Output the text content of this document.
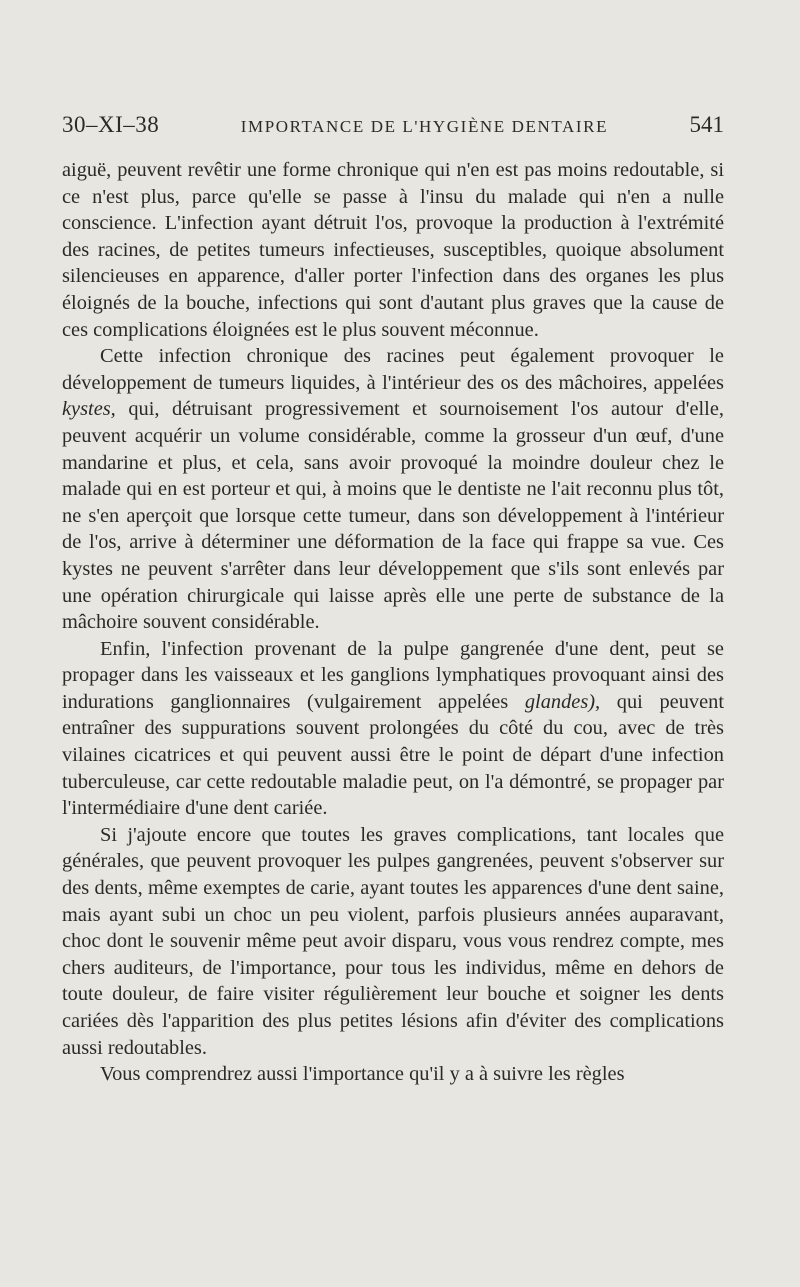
30–XI–38	IMPORTANCE DE L'HYGIÈNE DENTAIRE	541

aiguë, peuvent revêtir une forme chronique qui n'en est pas moins redoutable, si ce n'est plus, parce qu'elle se passe à l'insu du malade qui n'en a nulle conscience. L'infection ayant détruit l'os, provoque la production à l'extrémité des racines, de petites tumeurs infectieuses, susceptibles, quoique absolument silencieuses en apparence, d'aller porter l'infection dans des organes les plus éloignés de la bouche, infections qui sont d'autant plus graves que la cause de ces complications éloignées est le plus souvent méconnue.

Cette infection chronique des racines peut également provoquer le développement de tumeurs liquides, à l'intérieur des os des mâchoires, appelées kystes, qui, détruisant progressivement et sournoisement l'os autour d'elle, peuvent acquérir un volume considérable, comme la grosseur d'un œuf, d'une mandarine et plus, et cela, sans avoir provoqué la moindre douleur chez le malade qui en est porteur et qui, à moins que le dentiste ne l'ait reconnu plus tôt, ne s'en aperçoit que lorsque cette tumeur, dans son développement à l'intérieur de l'os, arrive à déterminer une déformation de la face qui frappe sa vue. Ces kystes ne peuvent s'arrêter dans leur développement que s'ils sont enlevés par une opération chirurgicale qui laisse après elle une perte de substance de la mâchoire souvent considérable.

Enfin, l'infection provenant de la pulpe gangrenée d'une dent, peut se propager dans les vaisseaux et les ganglions lymphatiques provoquant ainsi des indurations ganglionnaires (vulgairement appelées glandes), qui peuvent entraîner des suppurations souvent prolongées du côté du cou, avec de très vilaines cicatrices et qui peuvent aussi être le point de départ d'une infection tuberculeuse, car cette redoutable maladie peut, on l'a démontré, se propager par l'intermédiaire d'une dent cariée.

Si j'ajoute encore que toutes les graves complications, tant locales que générales, que peuvent provoquer les pulpes gangrenées, peuvent s'observer sur des dents, même exemptes de carie, ayant toutes les apparences d'une dent saine, mais ayant subi un choc un peu violent, parfois plusieurs années auparavant, choc dont le souvenir même peut avoir disparu, vous vous rendrez compte, mes chers auditeurs, de l'importance, pour tous les individus, même en dehors de toute douleur, de faire visiter régulièrement leur bouche et soigner les dents cariées dès l'apparition des plus petites lésions afin d'éviter des complications aussi redoutables.

Vous comprendrez aussi l'importance qu'il y a à suivre les règles
